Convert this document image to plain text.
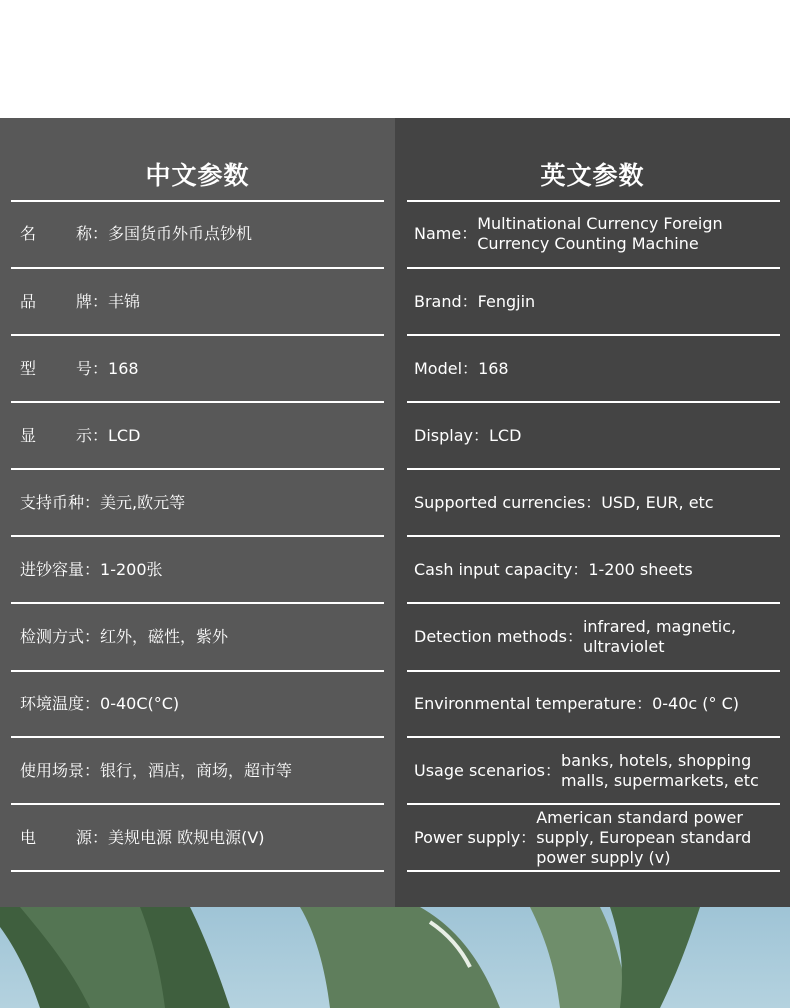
中文参数
名 称 ： 多国货币外币点钞机
品 牌 ： 丰锦
型 号 ： 168
显 示 ： LCD
支持币种 ： 美元,欧元等
进钞容量 ： 1-200张
检测方式 ： 红外，磁性，紫外
环境温度 ： 0-40C(°C)
使用场景 ： 银行，酒店，商场，超市等
电 源 ： 美规电源 欧规电源(V)
英文参数
Name ：
Multinational Currency Foreign Currency Counting Machine
Brand ： Fengjin
Model ： 168
Display ： LCD
Supported currencies ： USD, EUR, etc
Cash input capacity ： 1-200 sheets
Detection methods ：
infrared, magnetic, ultraviolet
Environmental temperature ： 0-40c (° C)
Usage scenarios ：
banks, hotels, shopping malls, supermarkets, etc
Power supply ：
American standard power supply, European standard power supply (v)
